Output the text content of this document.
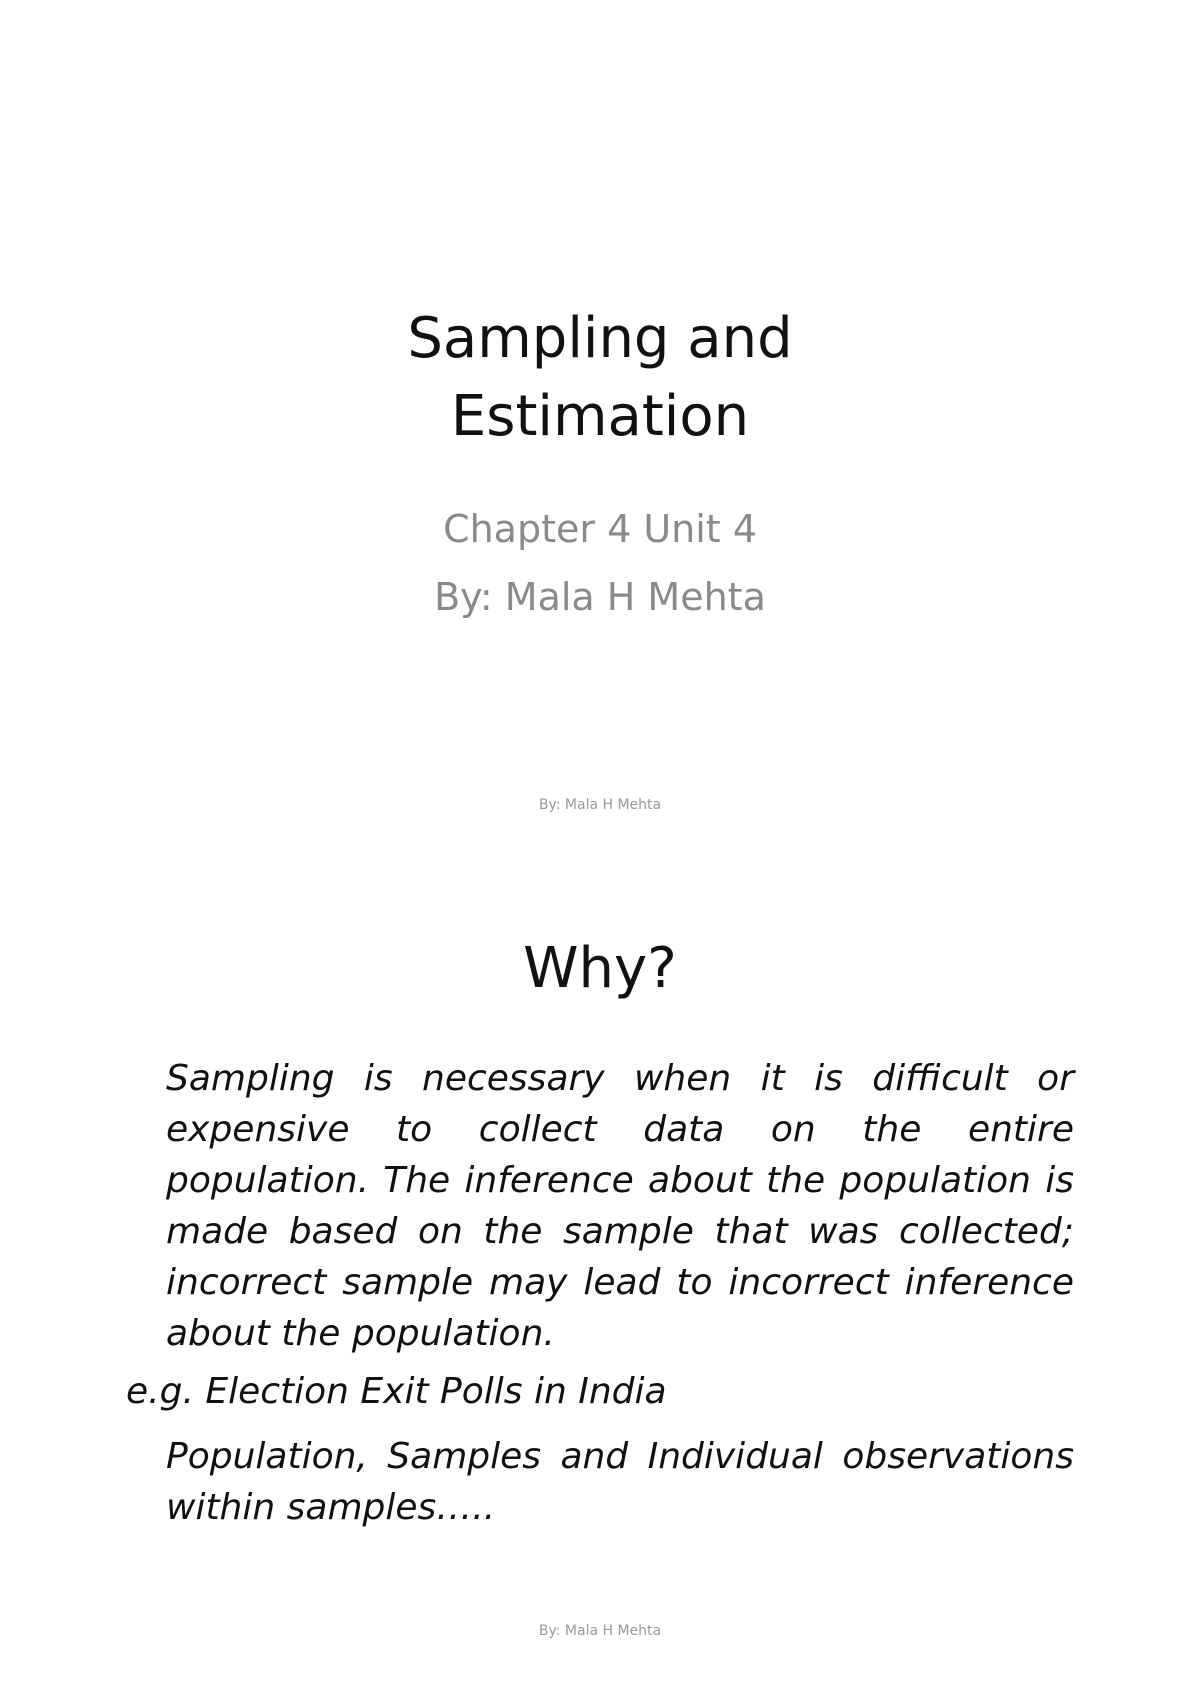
Sampling and
Estimation

Chapter 4 Unit 4

By: Mala H Mehta

By: Mala H Mehta
Why?

Sampling is necessary when it is difficult or expensive to collect data on the entire population. The inference about the population is made based on the sample that was collected; incorrect sample may lead to incorrect inference about the population.

e.g. Election Exit Polls in India

Population, Samples and Individual observations within samples…..

By: Mala H Mehta
